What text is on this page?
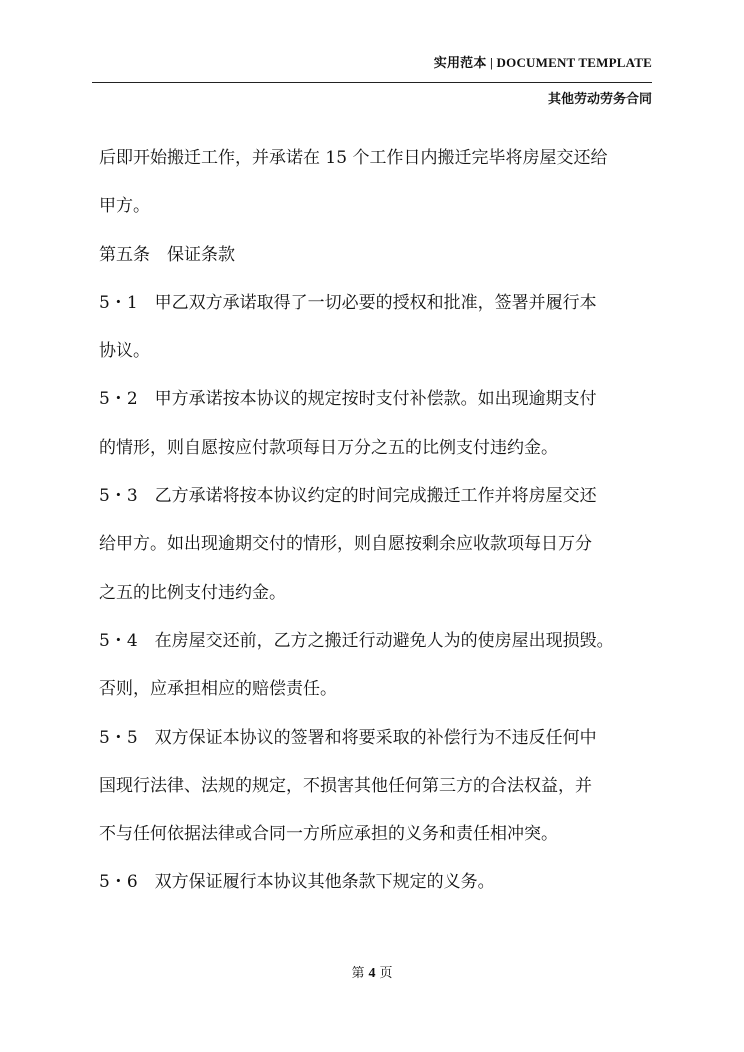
实用范本 | DOCUMENT TEMPLATE
其他劳动劳务合同
后即开始搬迁工作，并承诺在 15 个工作日内搬迁完毕将房屋交还给
甲方。
第五条　保证条款
5・1　甲乙双方承诺取得了一切必要的授权和批准，签署并履行本
协议。
5・2　甲方承诺按本协议的规定按时支付补偿款。如出现逾期支付
的情形，则自愿按应付款项每日万分之五的比例支付违约金。
5・3　乙方承诺将按本协议约定的时间完成搬迁工作并将房屋交还
给甲方。如出现逾期交付的情形，则自愿按剩余应收款项每日万分
之五的比例支付违约金。
5・4　在房屋交还前，乙方之搬迁行动避免人为的使房屋出现损毁。
否则，应承担相应的赔偿责任。
5・5　双方保证本协议的签署和将要采取的补偿行为不违反任何中
国现行法律、法规的规定，不损害其他任何第三方的合法权益，并
不与任何依据法律或合同一方所应承担的义务和责任相冲突。
5・6　双方保证履行本协议其他条款下规定的义务。
第 4 页
